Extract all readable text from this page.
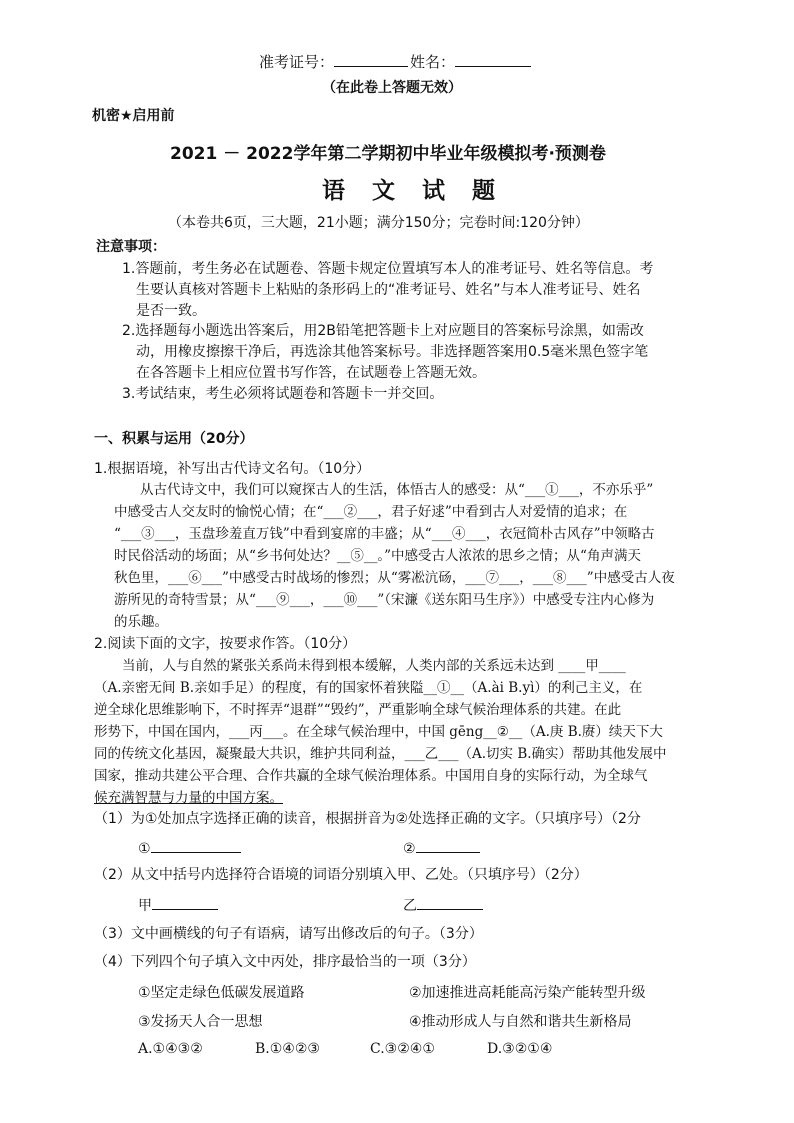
准考证号：	姓名：
（在此卷上答题无效）
机密★启用前
2021 － 2022学年第二学期初中毕业年级模拟考·预测卷
语　文　试　题
（本卷共6页，三大题，21小题；满分150分；完卷时间:120分钟）
注意事项：
1.答题前，考生务必在试题卷、答题卡规定位置填写本人的准考证号、姓名等信息。考
生要认真核对答题卡上粘贴的条形码上的“准考证号、姓名”与本人准考证号、姓名
是否一致。
2.选择题每小题选出答案后，用2B铅笔把答题卡上对应题目的答案标号涂黑，如需改
动，用橡皮擦擦干净后，再选涂其他答案标号。非选择题答案用0.5毫米黑色签字笔
在各答题卡上相应位置书写作答，在试题卷上答题无效。
3.考试结束，考生必须将试题卷和答题卡一并交回。
一、积累与运用（20分）
1.根据语境，补写出古代诗文名句。（10分）

从古代诗文中，我们可以窥探古人的生活，体悟古人的感受：从“___①___，不亦乐乎”

中感受古人交友时的愉悦心情；在“___②___，君子好逑”中看到古人对爱情的追求；在

“___③___，玉盘珍羞直万钱”中看到宴席的丰盛；从“___④___，衣冠简朴古风存”中领略古

时民俗活动的场面；从“乡书何处达？__⑤__。”中感受古人浓浓的思乡之情；从“角声满天

秋色里，___⑥___”中感受古时战场的惨烈；从“雾凇沆砀，___⑦___，___⑧___”中感受古人夜

游所见的奇特雪景；从“___⑨___，___⑩___”（宋濂《送东阳马生序》）中感受专注内心修为

的乐趣。

2.阅读下面的文字，按要求作答。（10分）

当前，人与自然的紧张关系尚未得到根本缓解，人类内部的关系远未达到 ____甲____

（A.亲密无间 B.亲如手足）的程度，有的国家怀着狭隘__①__（A.ài B.yì）的利己主义，在

逆全球化思维影响下，不时挥弄“退群”“毁约”，严重影响全球气候治理体系的共建。在此

形势下，中国在国内，___丙___。在全球气候治理中，中国 gēng__②__（A.庚 B.赓）续天下大

同的传统文化基因，凝聚最大共识，维护共同利益，___乙___（A.切实 B.确实）帮助其他发展中

国家，推动共建公平合理、合作共赢的全球气候治理体系。中国用自身的实际行动，为全球气

候充满智慧与力量的中国方案。

（1）为①处加点字选择正确的读音，根据拼音为②处选择正确的文字。（只填序号）（2分
①	②
（2）从文中括号内选择符合语境的词语分别填入甲、乙处。（只填序号）（2分）
甲	乙
（3）文中画横线的句子有语病，请写出修改后的句子。（3分）
（4）下列四个句子填入文中丙处，排序最恰当的一项（3分）
①坚定走绿色低碳发展道路	②加速推进高耗能高污染产能转型升级
③发扬天人合一思想	④推动形成人与自然和谐共生新格局
A.①④③②	B.①④②③	C.③②④①	D.③②①④
